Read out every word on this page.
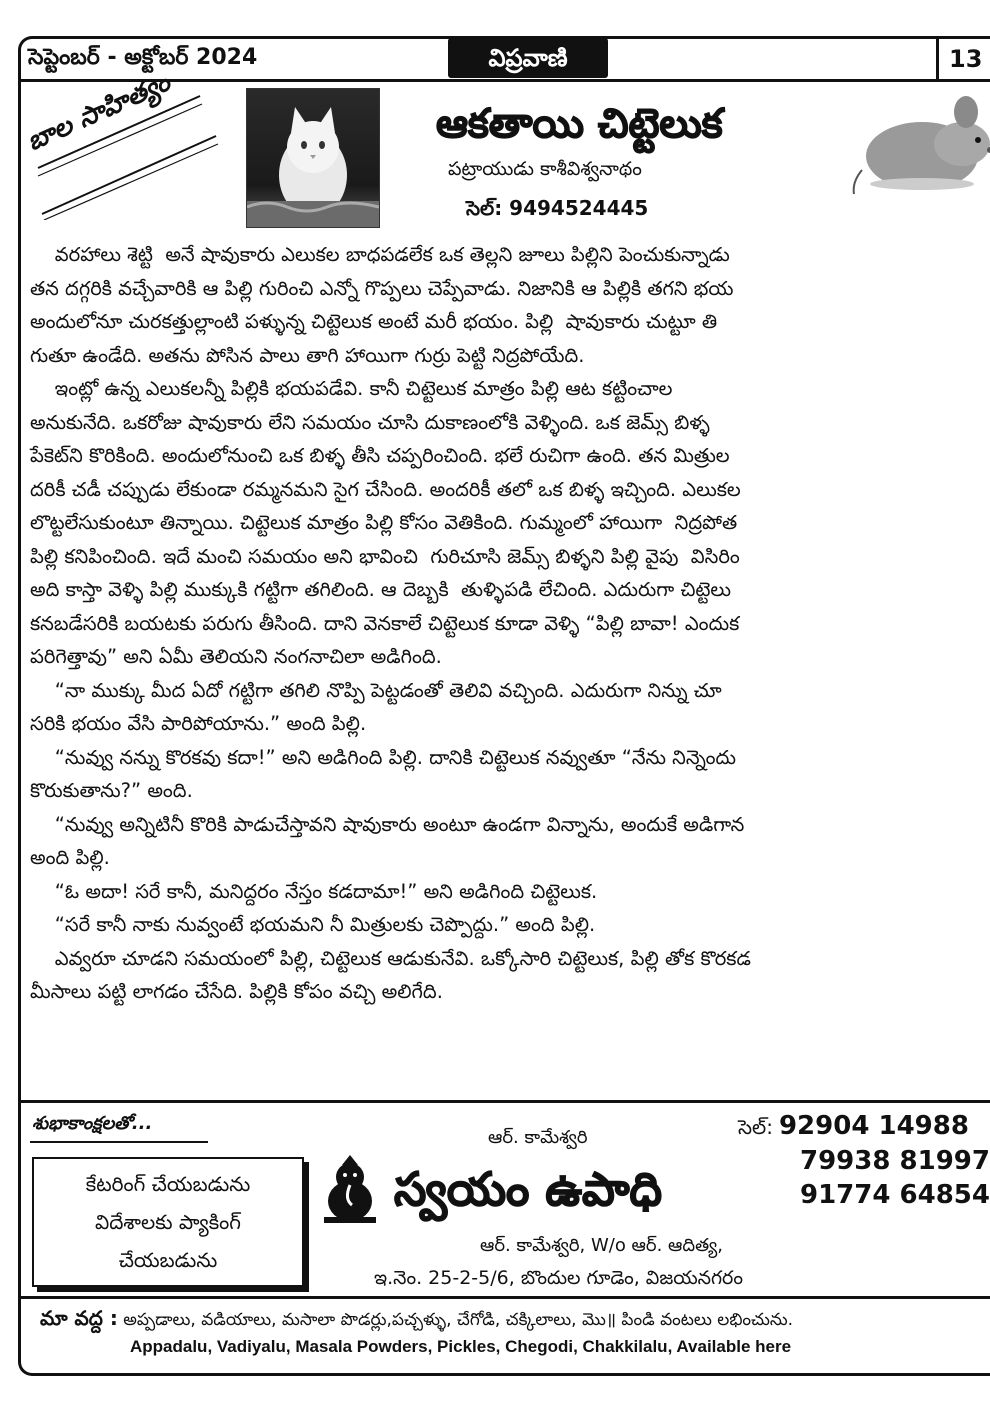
సెప్టెంబర్ - అక్టోబర్ 2024	విప్రవాణి	13
బాల సాహిత్యం	ఆకతాయి చిట్టెలుక
పట్రాయుడు కాశీవిశ్వనాథం
సెల్: 9494524445

వరహాలు శెట్టి  అనే షావుకారు ఎలుకల బాధపడలేక ఒక తెల్లని జూలు పిల్లిని పెంచుకున్నాడు

తన దగ్గరికి వచ్చేవారికి ఆ పిల్లి గురించి ఎన్నో గొప్పలు చెప్పేవాడు. నిజానికి ఆ పిల్లికి తగని భయ

అందులోనూ చురకత్తుల్లాంటి పళ్ళున్న చిట్టెలుక అంటే మరీ భయం. పిల్లి  షావుకారు చుట్టూ తి

గుతూ ఉండేది. అతను పోసిన పాలు తాగి హాయిగా గుర్రు పెట్టి నిద్రపోయేది.

ఇంట్లో ఉన్న ఎలుకలన్నీ పిల్లికి భయపడేవి. కానీ చిట్టెలుక మాత్రం పిల్లి ఆట కట్టించాల

అనుకునేది. ఒకరోజు షావుకారు లేని సమయం చూసి దుకాణంలోకి వెళ్ళింది. ఒక జెమ్స్ బిళ్ళ

పేకెట్‌ని కొరికింది. అందులోనుంచి ఒక బిళ్ళ తీసి చప్పరించింది. భలే రుచిగా ఉంది. తన మిత్రుల

దరికీ చడీ చప్పుడు లేకుండా రమ్మనమని సైగ చేసింది. అందరికీ తలో ఒక బిళ్ళ ఇచ్చింది. ఎలుకల

లొట్టలేసుకుంటూ తిన్నాయి. చిట్టెలుక మాత్రం పిల్లి కోసం వెతికింది. గుమ్మంలో హాయిగా  నిద్రపోత

పిల్లి కనిపించింది. ఇదే మంచి సమయం అని భావించి  గురిచూసి జెమ్స్ బిళ్ళని పిల్లి వైపు  విసిరిం

అది కాస్తా వెళ్ళి పిల్లి ముక్కుకి గట్టిగా తగిలింది. ఆ దెబ్బకి  తుళ్ళిపడి లేచింది. ఎదురుగా చిట్టెలు

కనబడేసరికి బయటకు పరుగు తీసింది. దాని వెనకాలే చిట్టెలుక కూడా వెళ్ళి “పిల్లి బావా! ఎందుక

పరిగెత్తావు” అని ఏమీ తెలియని నంగనాచిలా అడిగింది.

“నా ముక్కు మీద ఏదో గట్టిగా తగిలి నొప్పి పెట్టడంతో తెలివి వచ్చింది. ఎదురుగా నిన్ను చూ

సరికి భయం వేసి పారిపోయాను.” అంది పిల్లి.

“నువ్వు నన్ను కొరకవు కదా!” అని అడిగింది పిల్లి. దానికి చిట్టెలుక నవ్వుతూ “నేను నిన్నెందు

కొరుకుతాను?” అంది.

“నువ్వు అన్నిటినీ కొరికి పాడుచేస్తావని షావుకారు అంటూ ఉండగా విన్నాను, అందుకే అడిగాన

అంది పిల్లి.

“ఓ అదా! సరే కానీ, మనిద్దరం నేస్తం కడదామా!” అని అడిగింది చిట్టెలుక.

“సరే కానీ నాకు నువ్వంటే భయమని నీ మిత్రులకు చెప్పొద్దు.” అంది పిల్లి.

ఎవ్వరూ చూడని సమయంలో పిల్లి, చిట్టెలుక ఆడుకునేవి. ఒక్కోసారి చిట్టెలుక, పిల్లి తోక కొరకడ

మీసాలు పట్టి లాగడం చేసేది. పిల్లికి కోపం వచ్చి అలిగేది.

శుభాకాంక్షలతో...
కేటరింగ్ చేయబడును
విదేశాలకు ప్యాకింగ్
చేయబడును
ఆర్. కామేశ్వరి
స్వయం ఉపాధి
సెల్: 92904 14988
79938 81997
91774 64854
ఆర్. కామేశ్వరి, W/o ఆర్. ఆదిత్య,
ఇ.నెం. 25-2-5/6, బొందుల గూడెం, విజయనగరం
మా వద్ద : అప్పడాలు, వడియాలు, మసాలా పొడర్లు,పచ్చళ్ళు, చేగోడి, చక్కిలాలు, మొ॥ పిండి వంటలు లభించును.
Appadalu, Vadiyalu, Masala Powders, Pickles, Chegodi, Chakkilalu, Available here
